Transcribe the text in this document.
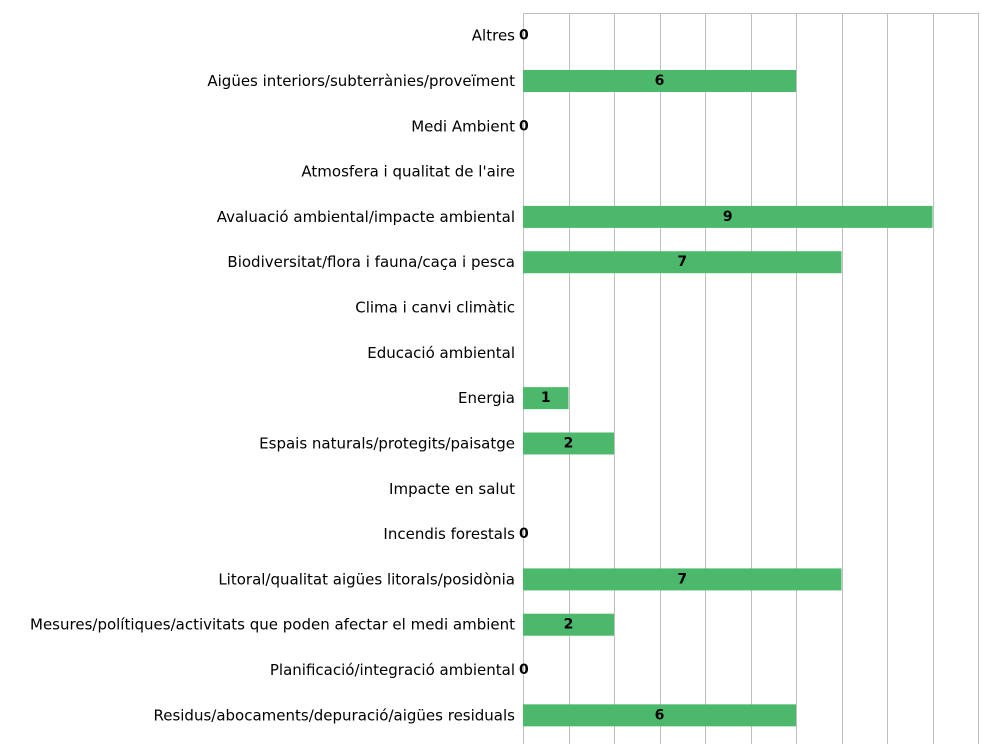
Altres
Aigües interiors/subterrànies/proveïment
Medi Ambient
Atmosfera i qualitat de l'aire
Avaluació ambiental/impacte ambiental
Biodiversitat/flora i fauna/caça i pesca
Clima i canvi climàtic
Educació ambiental
Energia
Espais naturals/protegits/paisatge
Impacte en salut
Incendis forestals
Litoral/qualitat aigües litorals/posidònia
Mesures/polítiques/activitats que poden afectar el medi ambient
Planificació/integració ambiental
Residus/abocaments/depuració/aigües residuals
0
6
0
9
7
1
2
0
7
2
0
6
